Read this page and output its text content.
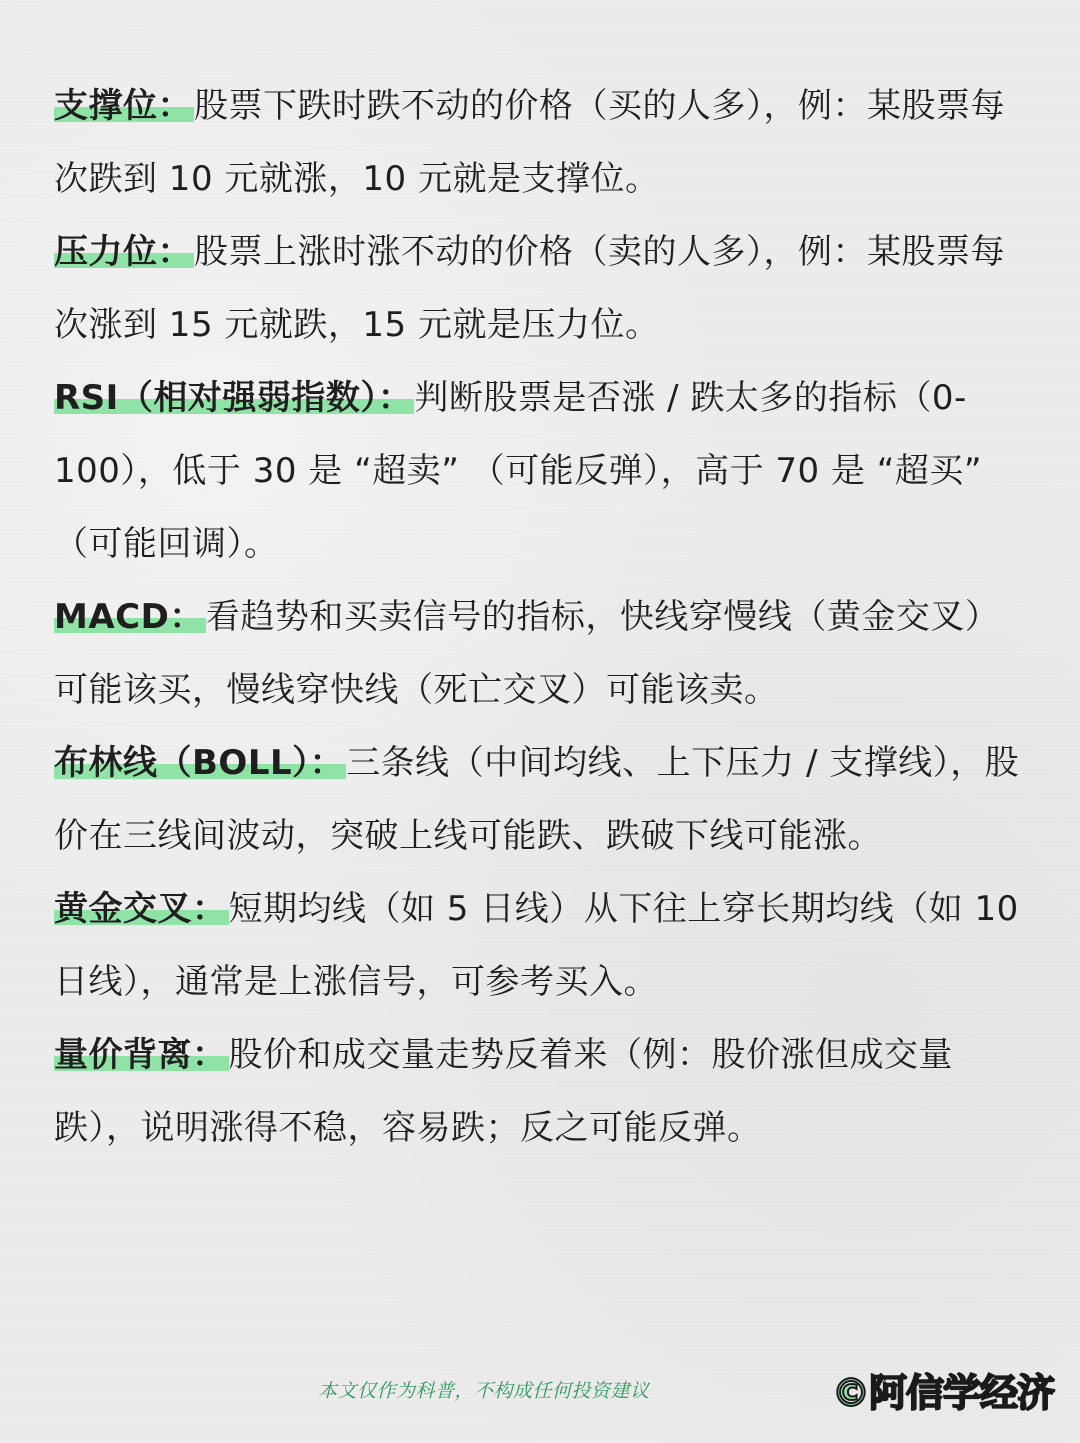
支撑位：股票下跌时跌不动的价格（买的人多），例：某股票每次跌到 10 元就涨，10 元就是支撑位。

压力位：股票上涨时涨不动的价格（卖的人多），例：某股票每次涨到 15 元就跌，15 元就是压力位。

RSI（相对强弱指数）：判断股票是否涨 / 跌太多的指标（0-100），低于 30 是 “超卖” （可能反弹），高于 70 是 “超买” （可能回调）。

MACD：看趋势和买卖信号的指标，快线穿慢线（黄金交叉）可能该买，慢线穿快线（死亡交叉）可能该卖。

布林线（BOLL）：三条线（中间均线、上下压力 / 支撑线），股价在三线间波动，突破上线可能跌、跌破下线可能涨。

黄金交叉：短期均线（如 5 日线）从下往上穿长期均线（如 10 日线），通常是上涨信号，可参考买入。

量价背离：股价和成交量走势反着来（例：股价涨但成交量跌），说明涨得不稳，容易跌；反之可能反弹。

本文仅作为科普，不构成任何投资建议	©阿信学经济
